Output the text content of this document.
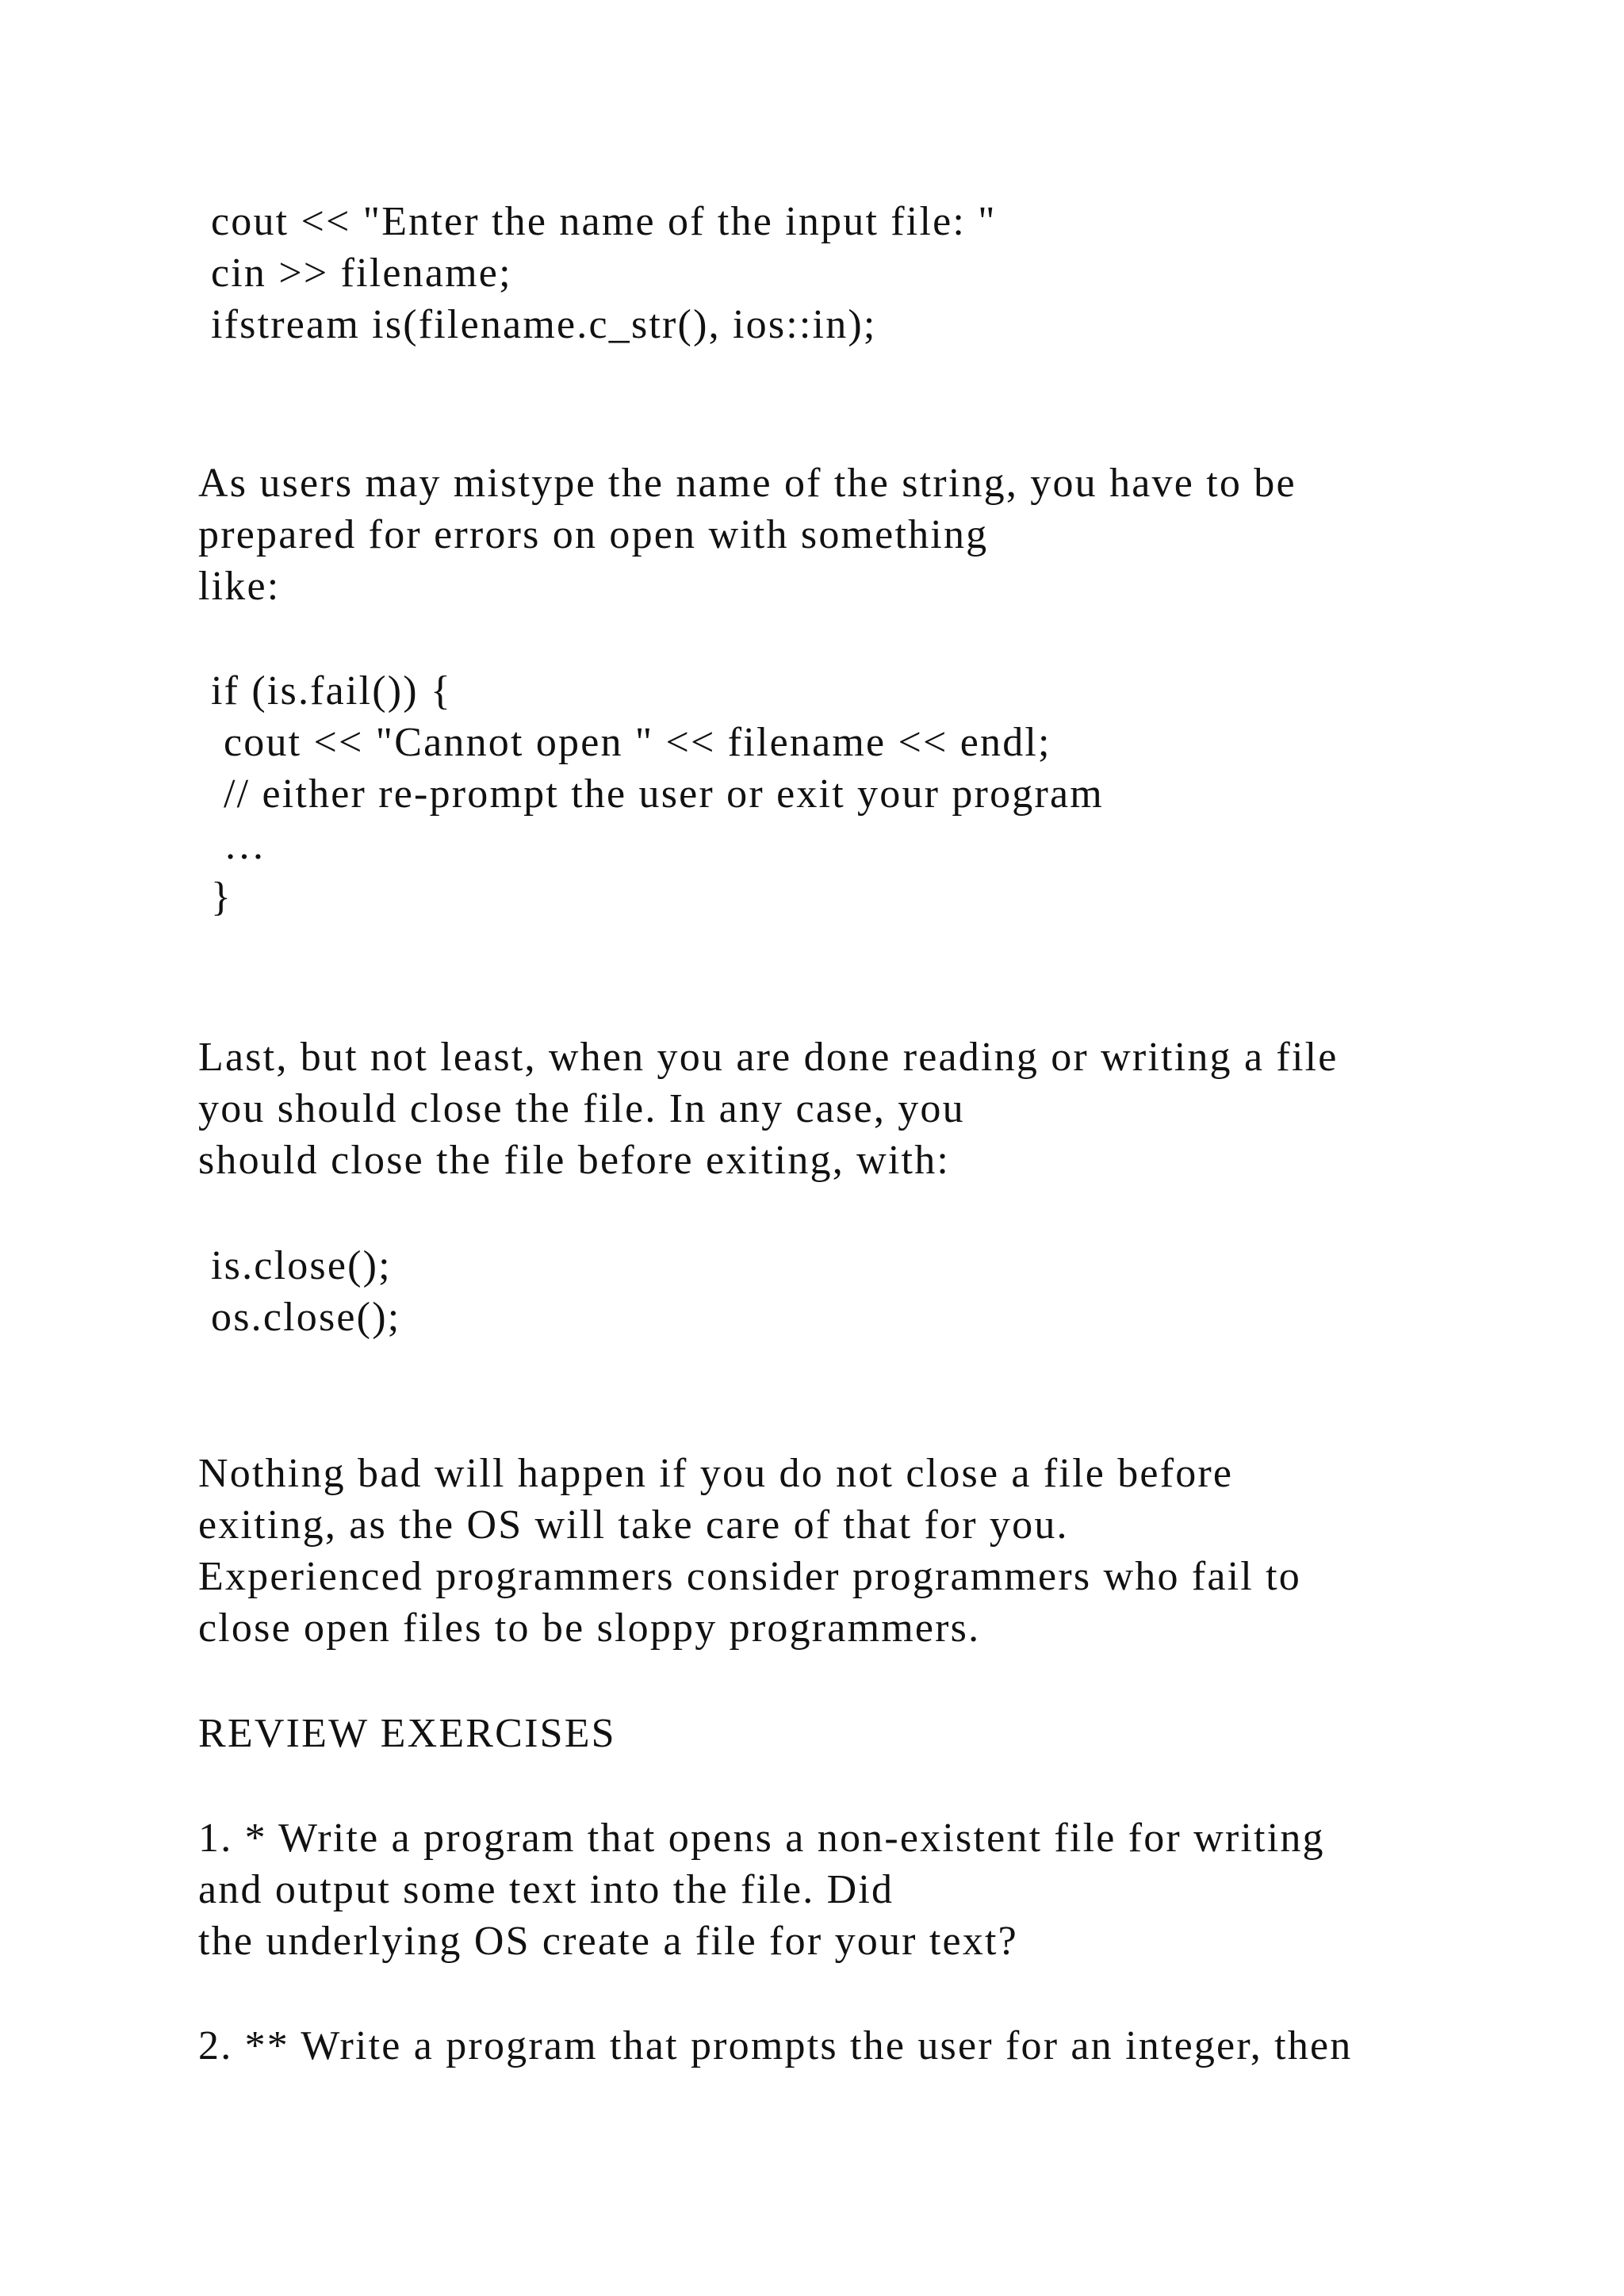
cout << "Enter the name of the input file: "

cin >> filename;

ifstream is(filename.c_str(), ios::in);

As users may mistype the name of the string, you have to be

prepared for errors on open with something

like:

if (is.fail()) {

cout << "Cannot open " << filename << endl;

// either re-prompt the user or exit your program

…

}

Last, but not least, when you are done reading or writing a file

you should close the file. In any case, you

should close the file before exiting, with:

is.close();

os.close();

Nothing bad will happen if you do not close a file before

exiting, as the OS will take care of that for you.

Experienced programmers consider programmers who fail to

close open files to be sloppy programmers.

REVIEW EXERCISES

1. * Write a program that opens a non-existent file for writing

and output some text into the file. Did

the underlying OS create a file for your text?

2. ** Write a program that prompts the user for an integer, then
